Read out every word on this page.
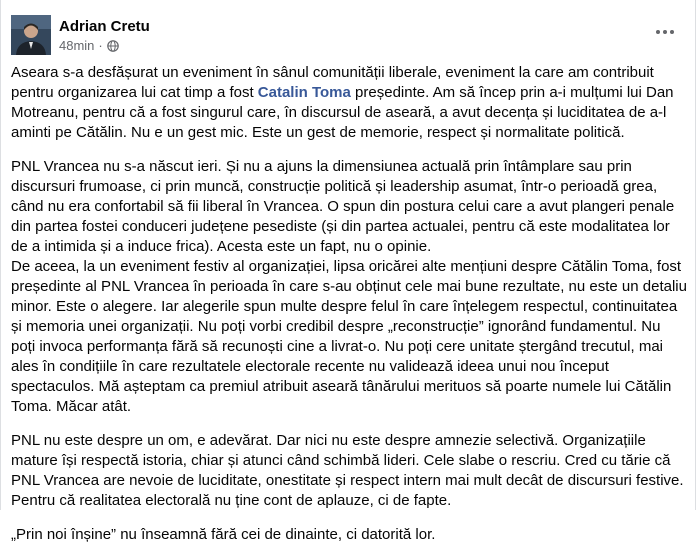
Adrian Cretu
48min ·

Aseara s-a desfășurat un eveniment în sânul comunității liberale, eveniment la care am contribuit pentru organizarea lui cat timp a fost Catalin Toma președinte. Am să încep prin a-i mulțumi lui Dan Motreanu, pentru că a fost singurul care, în discursul de aseară, a avut decența și luciditatea de a-l aminti pe Cătălin. Nu e un gest mic. Este un gest de memorie, respect și normalitate politică.

PNL Vrancea nu s-a născut ieri. Și nu a ajuns la dimensiunea actuală prin întâmplare sau prin discursuri frumoase, ci prin muncă, construcție politică și leadership asumat, într-o perioadă grea, când nu era confortabil să fii liberal în Vrancea. O spun din postura celui care a avut plangeri penale din partea fostei conduceri județene pesediste (și din partea actualei, pentru că este modalitatea lor de a intimida și a induce frica). Acesta este un fapt, nu o opinie.

De aceea, la un eveniment festiv al organizației, lipsa oricărei alte mențiuni despre Cătălin Toma, fost președinte al PNL Vrancea în perioada în care s-au obținut cele mai bune rezultate, nu este un detaliu minor. Este o alegere. Iar alegerile spun multe despre felul în care înțelegem respectul, continuitatea și memoria unei organizații. Nu poți vorbi credibil despre „reconstrucție” ignorând fundamentul. Nu poți invoca performanța fără să recunoști cine a livrat-o. Nu poți cere unitate ștergând trecutul, mai ales în condițiile în care rezultatele electorale recente nu validează ideea unui nou început spectaculos. Mă așteptam ca premiul atribuit aseară tânărului merituos să poarte numele lui Cătălin Toma. Măcar atât.

PNL nu este despre un om, e adevărat. Dar nici nu este despre amnezie selectivă. Organizațiile mature își respectă istoria, chiar și atunci când schimbă lideri. Cele slabe o rescriu. Cred cu tărie că PNL Vrancea are nevoie de luciditate, onestitate și respect intern mai mult decât de discursuri festive. Pentru că realitatea electorală nu ține cont de aplauze, ci de fapte.

„Prin noi înșine” nu înseamnă fără cei de dinainte, ci datorită lor.
